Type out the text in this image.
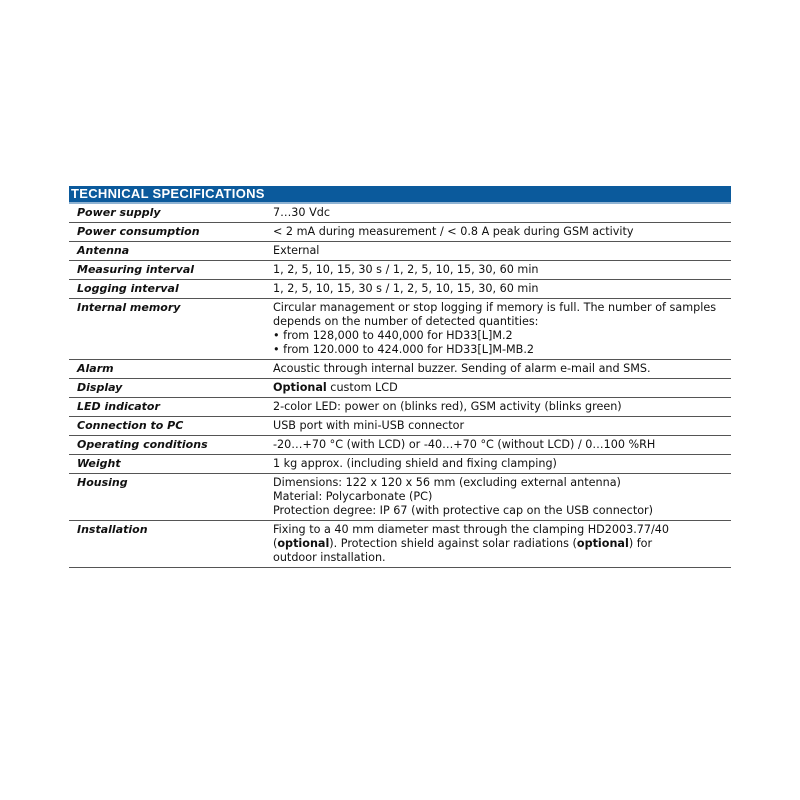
TECHNICAL SPECIFICATIONS
Power supply	7…30 Vdc
Power consumption	< 2 mA during measurement / < 0.8 A peak during GSM activity
Antenna	External
Measuring interval	1, 2, 5, 10, 15, 30 s / 1, 2, 5, 10, 15, 30, 60 min
Logging interval	1, 2, 5, 10, 15, 30 s / 1, 2, 5, 10, 15, 30, 60 min
Internal memory	Circular management or stop logging if memory is full. The number of samples
depends on the number of detected quantities:
• from 128,000 to 440,000 for HD33[L]M.2
• from 120.000 to 424.000 for HD33[L]M-MB.2

Alarm	Acoustic through internal buzzer. Sending of alarm e-mail and SMS.
Display	Optional custom LCD
LED indicator	2-color LED: power on (blinks red), GSM activity (blinks green)
Connection to PC	USB port with mini-USB connector
Operating conditions	-20…+70 °C (with LCD) or -40…+70 °C (without LCD) / 0…100 %RH
Weight	1 kg approx. (including shield and fixing clamping)
Housing	Dimensions: 122 x 120 x 56 mm (excluding external antenna)
Material: Polycarbonate (PC)
Protection degree: IP 67 (with protective cap on the USB connector)

Installation	Fixing to a 40 mm diameter mast through the clamping HD2003.77/40
(optional). Protection shield against solar radiations (optional) for
outdoor installation.
